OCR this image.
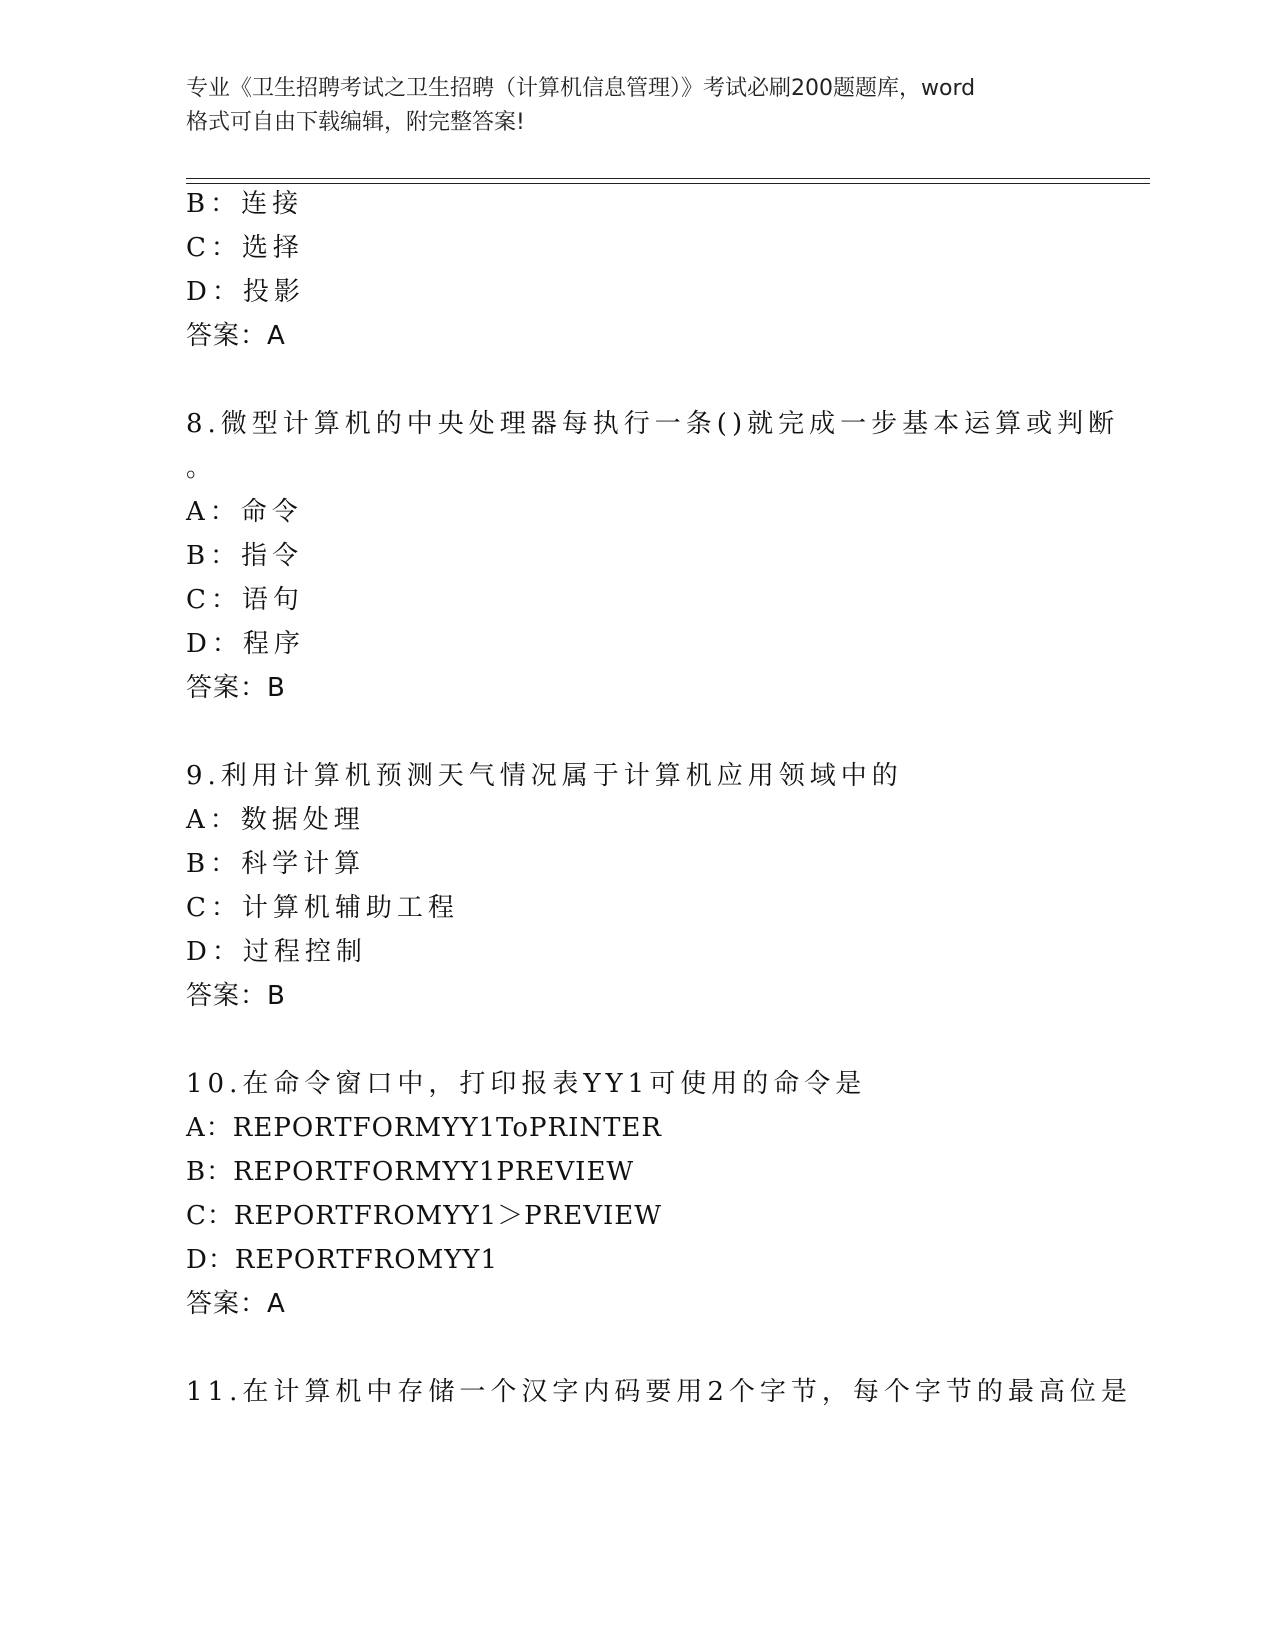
专业《卫生招聘考试之卫生招聘（计算机信息管理）》考试必刷200题题库，word
格式可自由下载编辑，附完整答案!
B：连接
C：选择
D：投影
答案：A
8.微型计算机的中央处理器每执行一条()就完成一步基本运算或判断
。
A：命令
B：指令
C：语句
D：程序
答案：B
9.利用计算机预测天气情况属于计算机应用领域中的
A：数据处理
B：科学计算
C：计算机辅助工程
D：过程控制
答案：B
10.在命令窗口中，打印报表YY1可使用的命令是
A：REPORTFORMYY1ToPRINTER
B：REPORTFORMYY1PREVIEW
C：REPORTFROMYY1＞PREVIEW
D：REPORTFROMYY1
答案：A
11.在计算机中存储一个汉字内码要用2个字节，每个字节的最高位是
